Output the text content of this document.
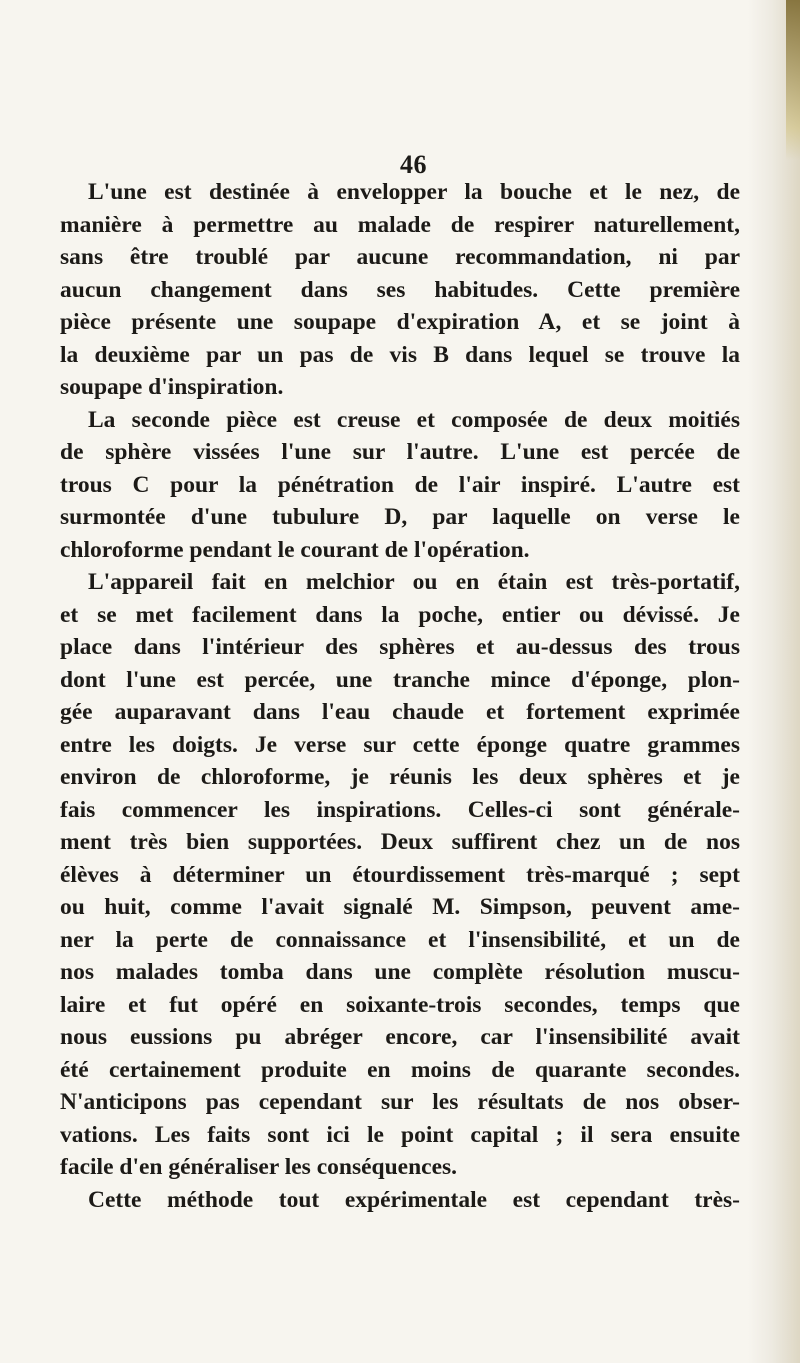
46
L'une est destinée à envelopper la bouche et le nez, de
manière à permettre au malade de respirer naturellement,
sans être troublé par aucune recommandation, ni par
aucun changement dans ses habitudes. Cette première
pièce présente une soupape d'expiration A, et se joint à
la deuxième par un pas de vis B dans lequel se trouve la
soupape d'inspiration.
La seconde pièce est creuse et composée de deux moitiés
de sphère vissées l'une sur l'autre. L'une est percée de
trous C pour la pénétration de l'air inspiré. L'autre est
surmontée d'une tubulure D, par laquelle on verse le
chloroforme pendant le courant de l'opération.
L'appareil fait en melchior ou en étain est très-portatif,
et se met facilement dans la poche, entier ou dévissé. Je
place dans l'intérieur des sphères et au-dessus des trous
dont l'une est percée, une tranche mince d'éponge, plon-
gée auparavant dans l'eau chaude et fortement exprimée
entre les doigts. Je verse sur cette éponge quatre grammes
environ de chloroforme, je réunis les deux sphères et je
fais commencer les inspirations. Celles-ci sont générale-
ment très bien supportées. Deux suffirent chez un de nos
élèves à déterminer un étourdissement très-marqué ; sept
ou huit, comme l'avait signalé M. Simpson, peuvent ame-
ner la perte de connaissance et l'insensibilité, et un de
nos malades tomba dans une complète résolution muscu-
laire et fut opéré en soixante-trois secondes, temps que
nous eussions pu abréger encore, car l'insensibilité avait
été certainement produite en moins de quarante secondes.
N'anticipons pas cependant sur les résultats de nos obser-
vations. Les faits sont ici le point capital ; il sera ensuite
facile d'en généraliser les conséquences.
Cette méthode tout expérimentale est cependant très-
